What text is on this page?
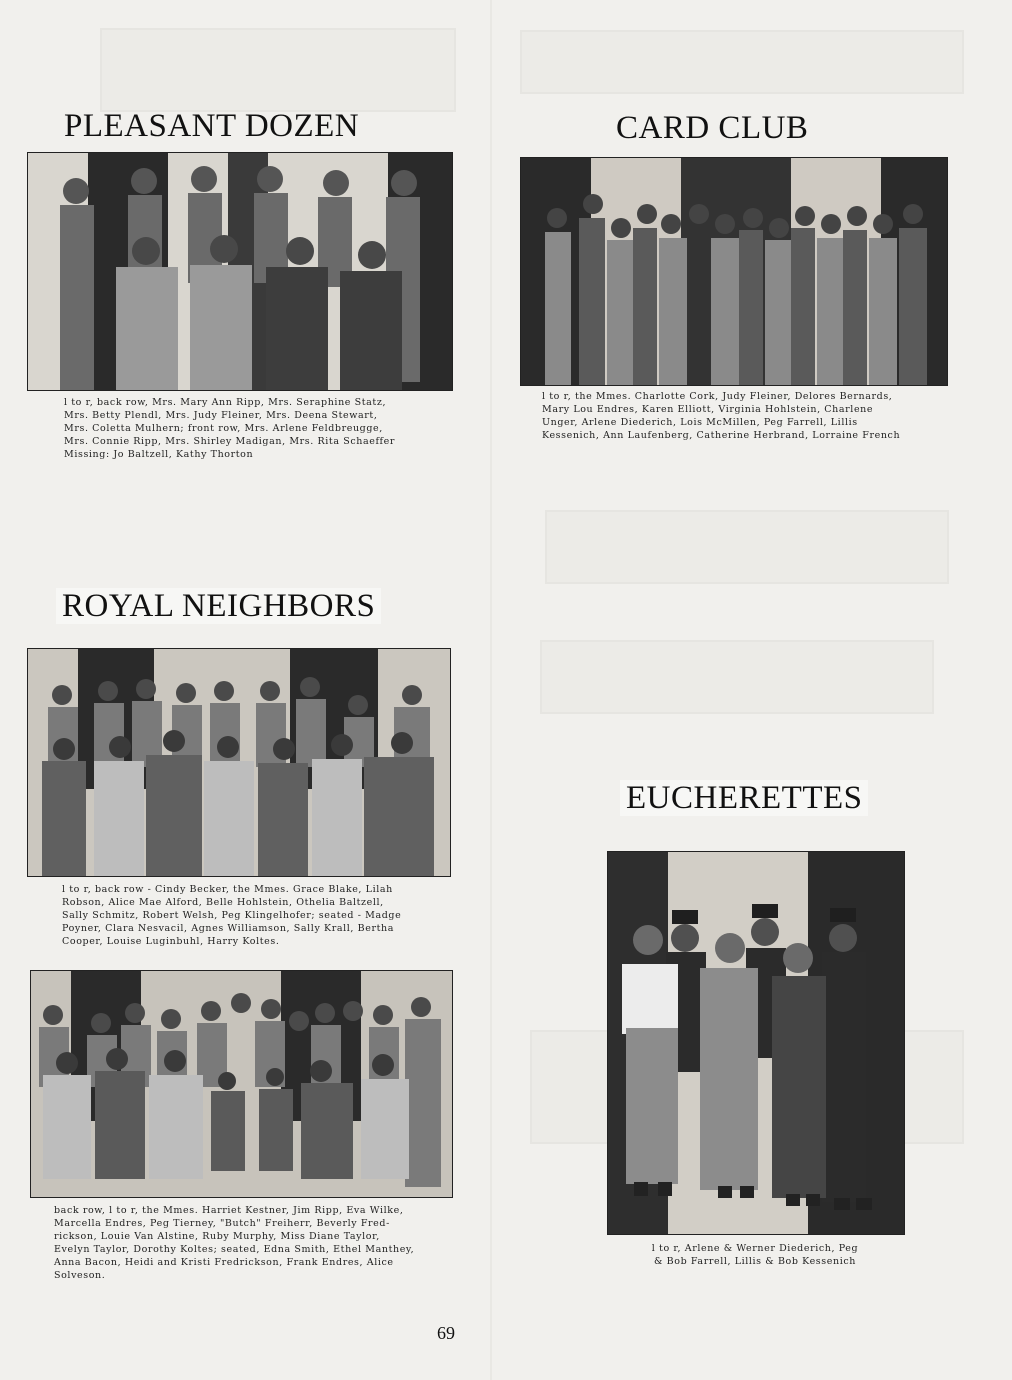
PLEASANT DOZEN
l to r, back row, Mrs. Mary Ann Ripp, Mrs. Seraphine Statz,
Mrs. Betty Plendl, Mrs. Judy Fleiner, Mrs. Deena Stewart,
Mrs. Coletta Mulhern; front row, Mrs. Arlene Feldbreugge,
Mrs. Connie Ripp, Mrs. Shirley Madigan, Mrs. Rita Schaeffer
Missing: Jo Baltzell, Kathy Thorton
CARD CLUB
l to r, the Mmes. Charlotte Cork, Judy Fleiner, Delores Bernards,
Mary Lou Endres, Karen Elliott, Virginia Hohlstein, Charlene
Unger, Arlene Diederich, Lois McMillen, Peg Farrell, Lillis
Kessenich, Ann Laufenberg, Catherine Herbrand, Lorraine French
ROYAL NEIGHBORS
l to r, back row - Cindy Becker, the Mmes. Grace Blake, Lilah
Robson, Alice Mae Alford, Belle Hohlstein, Othelia Baltzell,
Sally Schmitz, Robert Welsh, Peg Klingelhofer; seated - Madge
Poyner, Clara Nesvacil, Agnes Williamson, Sally Krall, Bertha
Cooper, Louise Luginbuhl, Harry Koltes.
back row, l to r, the Mmes. Harriet Kestner, Jim Ripp, Eva Wilke,
Marcella Endres, Peg Tierney, "Butch" Freiherr, Beverly Fred-
rickson, Louie Van Alstine, Ruby Murphy, Miss Diane Taylor,
Evelyn Taylor, Dorothy Koltes; seated, Edna Smith, Ethel Manthey,
Anna Bacon, Heidi and Kristi Fredrickson, Frank Endres, Alice
Solveson.
EUCHERETTES
l to r, Arlene & Werner Diederich, Peg
& Bob Farrell, Lillis & Bob Kessenich
69
